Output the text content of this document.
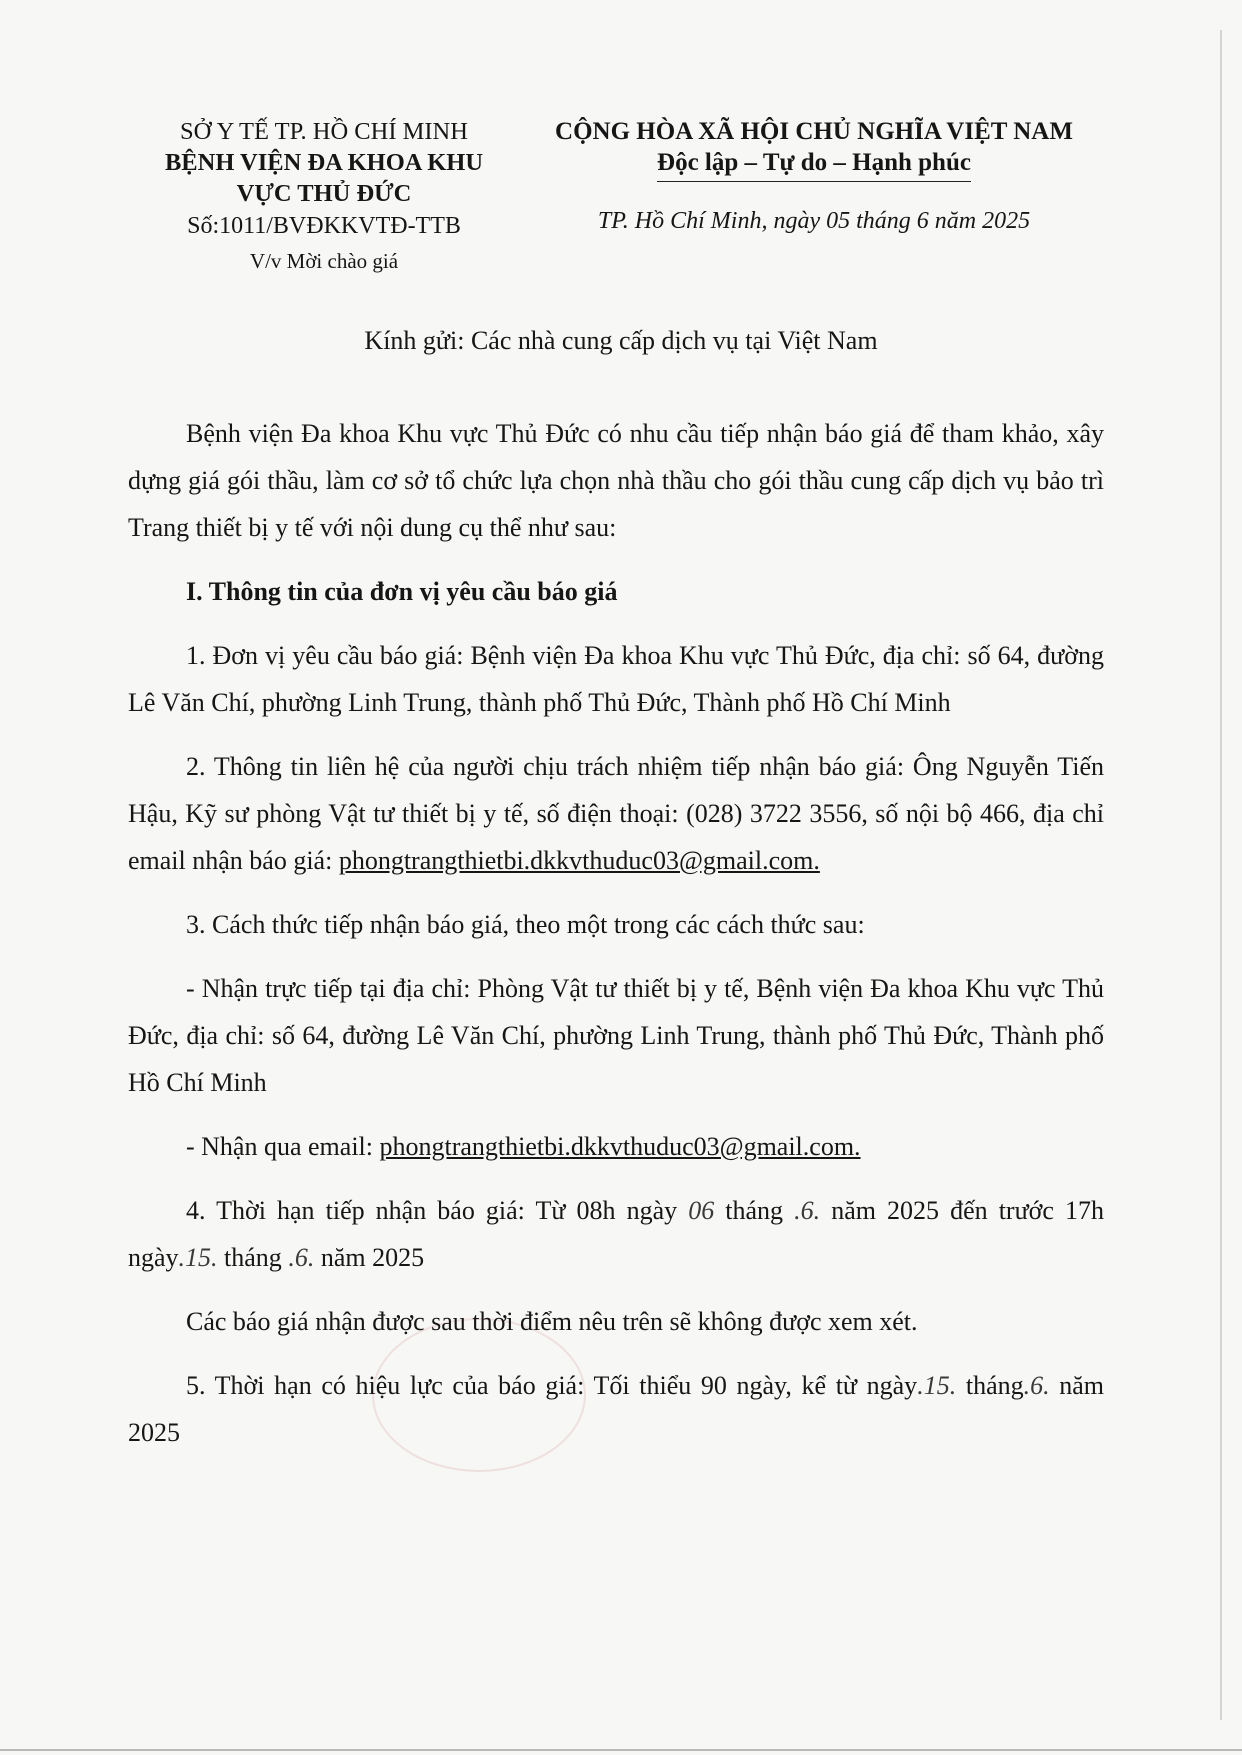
SỞ Y TẾ TP. HỒ CHÍ MINH
BỆNH VIỆN ĐA KHOA KHU
VỰC THỦ ĐỨC
Số:1011/BVĐKKVTĐ-TTB
V/v Mời chào giá
CỘNG HÒA XÃ HỘI CHỦ NGHĨA VIỆT NAM
Độc lập – Tự do – Hạnh phúc
TP. Hồ Chí Minh, ngày 05 tháng 6 năm 2025
Kính gửi: Các nhà cung cấp dịch vụ tại Việt Nam

Bệnh viện Đa khoa Khu vực Thủ Đức có nhu cầu tiếp nhận báo giá để tham khảo, xây dựng giá gói thầu, làm cơ sở tổ chức lựa chọn nhà thầu cho gói thầu cung cấp dịch vụ bảo trì Trang thiết bị y tế với nội dung cụ thể như sau:

I. Thông tin của đơn vị yêu cầu báo giá

1. Đơn vị yêu cầu báo giá: Bệnh viện Đa khoa Khu vực Thủ Đức, địa chỉ: số 64, đường Lê Văn Chí, phường Linh Trung, thành phố Thủ Đức, Thành phố Hồ Chí Minh

2. Thông tin liên hệ của người chịu trách nhiệm tiếp nhận báo giá: Ông Nguyễn Tiến Hậu, Kỹ sư phòng Vật tư thiết bị y tế, số điện thoại: (028) 3722 3556, số nội bộ 466, địa chỉ email nhận báo giá: phongtrangthietbi.dkkvthuduc03@gmail.com.

3. Cách thức tiếp nhận báo giá, theo một trong các cách thức sau:

- Nhận trực tiếp tại địa chỉ: Phòng Vật tư thiết bị y tế, Bệnh viện Đa khoa Khu vực Thủ Đức, địa chỉ: số 64, đường Lê Văn Chí, phường Linh Trung, thành phố Thủ Đức, Thành phố Hồ Chí Minh

- Nhận qua email: phongtrangthietbi.dkkvthuduc03@gmail.com.

4. Thời hạn tiếp nhận báo giá: Từ 08h ngày 06 tháng .6. năm 2025 đến trước 17h ngày.15. tháng .6. năm 2025

Các báo giá nhận được sau thời điểm nêu trên sẽ không được xem xét.

5. Thời hạn có hiệu lực của báo giá: Tối thiểu 90 ngày, kể từ ngày.15. tháng.6. năm 2025
